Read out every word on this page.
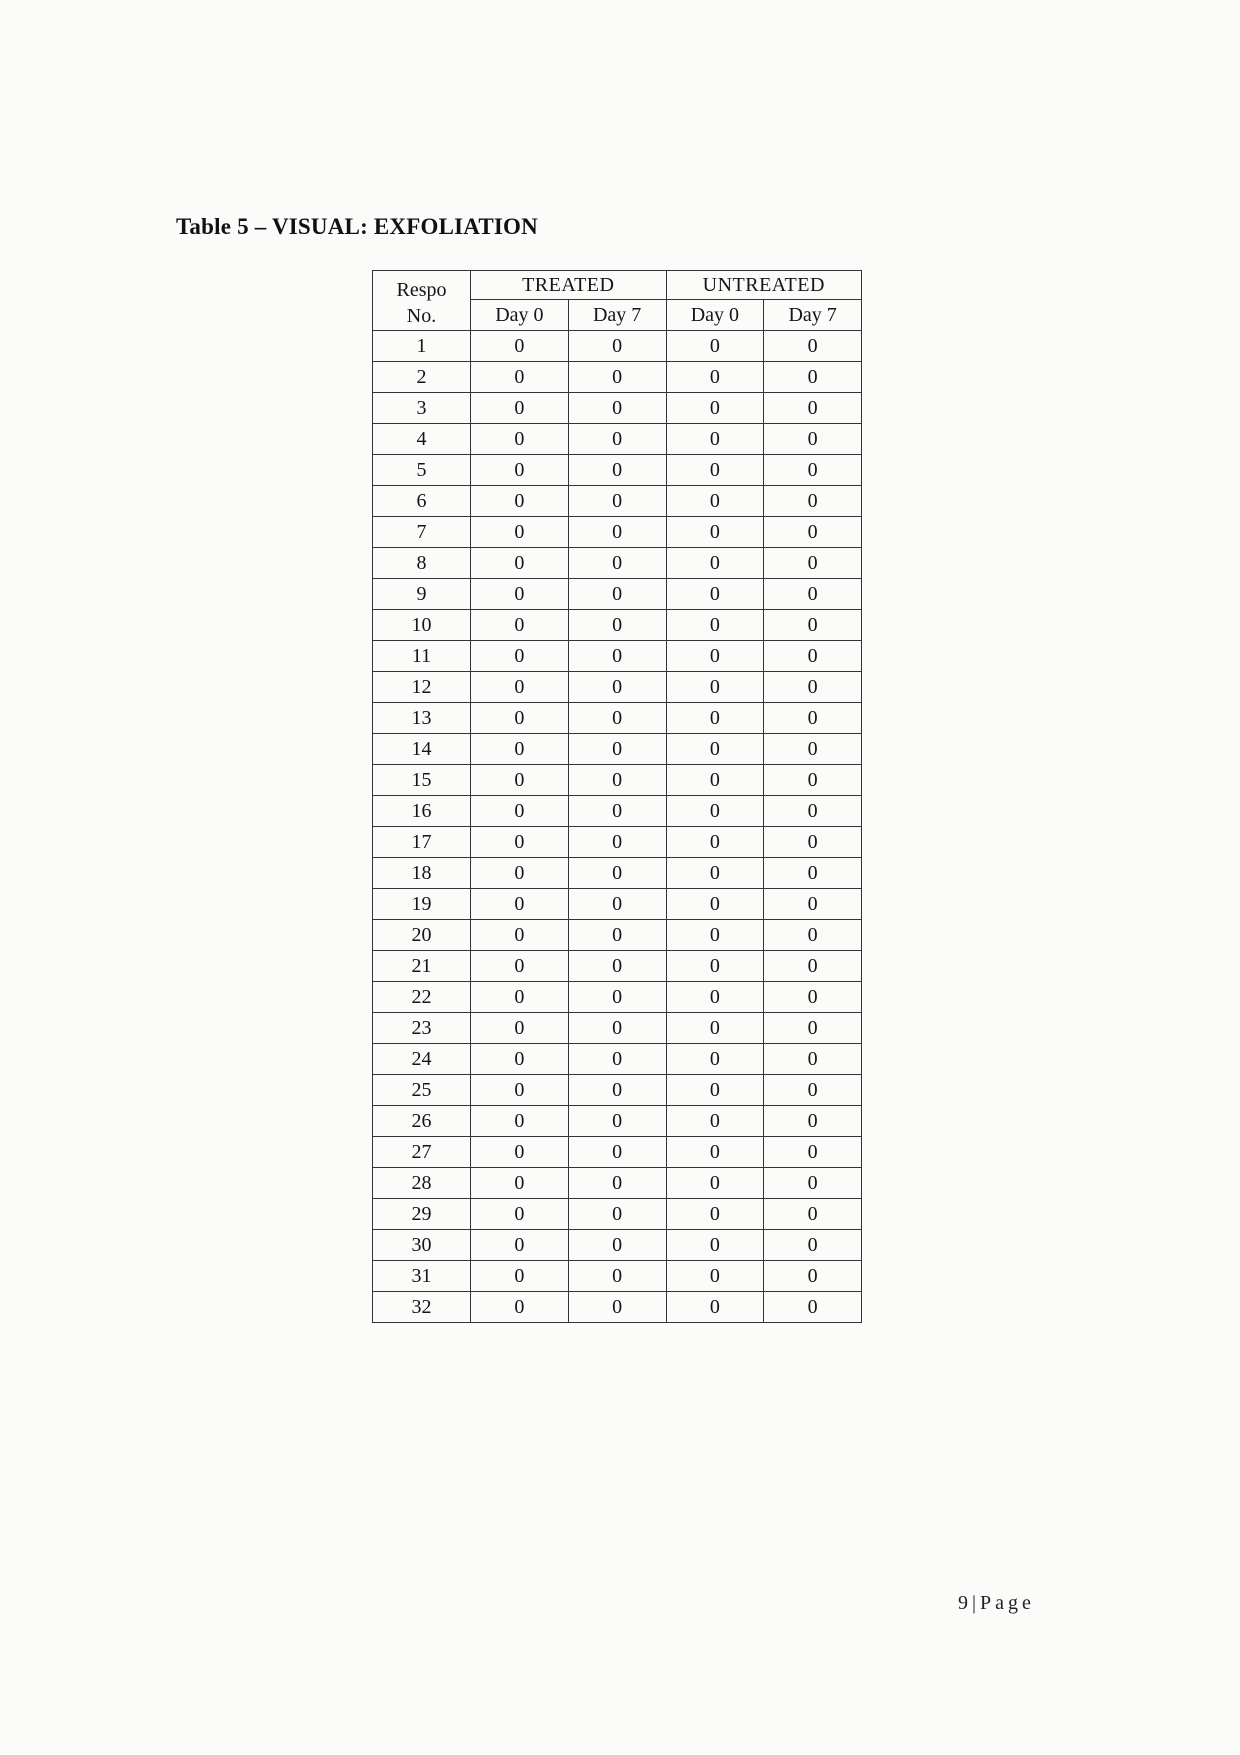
Table 5 – VISUAL: EXFOLIATION
Respo
No.	TREATED		UNTREATED	
	Day 0	Day 7	Day 0	Day 7
1	0	0	0	0
2	0	0	0	0
3	0	0	0	0
4	0	0	0	0
5	0	0	0	0
6	0	0	0	0
7	0	0	0	0
8	0	0	0	0
9	0	0	0	0
10	0	0	0	0
11	0	0	0	0
12	0	0	0	0
13	0	0	0	0
14	0	0	0	0
15	0	0	0	0
16	0	0	0	0
17	0	0	0	0
18	0	0	0	0
19	0	0	0	0
20	0	0	0	0
21	0	0	0	0
22	0	0	0	0
23	0	0	0	0
24	0	0	0	0
25	0	0	0	0
26	0	0	0	0
27	0	0	0	0
28	0	0	0	0
29	0	0	0	0
30	0	0	0	0
31	0	0	0	0
32	0	0	0	0
9 | Page
